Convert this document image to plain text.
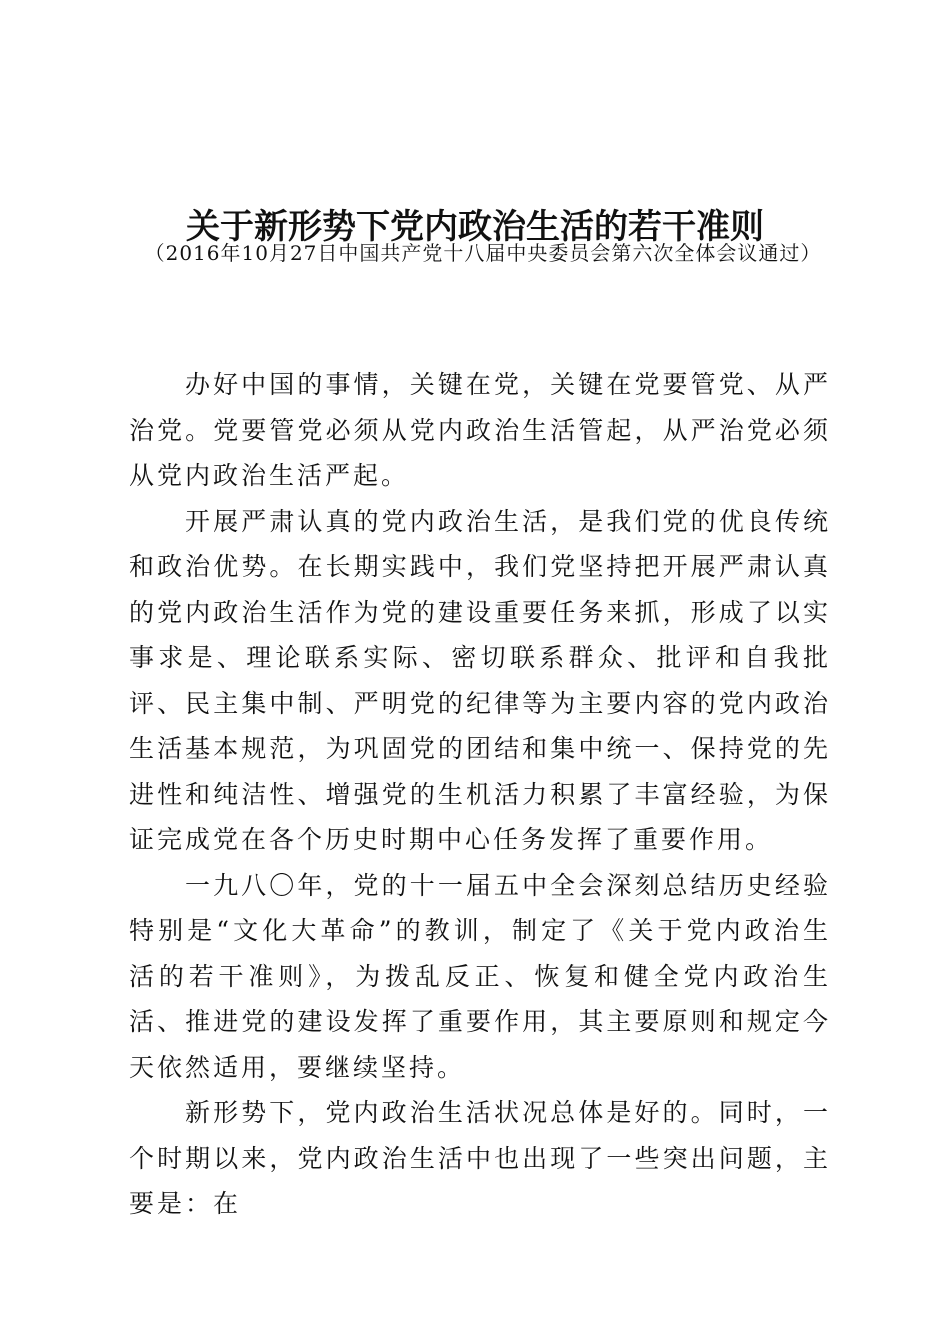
关于新形势下党内政治生活的若干准则
（2016年10月27日中国共产党十八届中央委员会第六次全体会议通过）

办好中国的事情，关键在党，关键在党要管党、从严治党。党要管党必须从党内政治生活管起，从严治党必须从党内政治生活严起。

开展严肃认真的党内政治生活，是我们党的优良传统和政治优势。在长期实践中，我们党坚持把开展严肃认真的党内政治生活作为党的建设重要任务来抓，形成了以实事求是、理论联系实际、密切联系群众、批评和自我批评、民主集中制、严明党的纪律等为主要内容的党内政治生活基本规范，为巩固党的团结和集中统一、保持党的先进性和纯洁性、增强党的生机活力积累了丰富经验，为保证完成党在各个历史时期中心任务发挥了重要作用。

一九八〇年，党的十一届五中全会深刻总结历史经验特别是“文化大革命”的教训，制定了《关于党内政治生活的若干准则》，为拨乱反正、恢复和健全党内政治生活、推进党的建设发挥了重要作用，其主要原则和规定今天依然适用，要继续坚持。

新形势下，党内政治生活状况总体是好的。同时，一个时期以来，党内政治生活中也出现了一些突出问题，主要是：在
